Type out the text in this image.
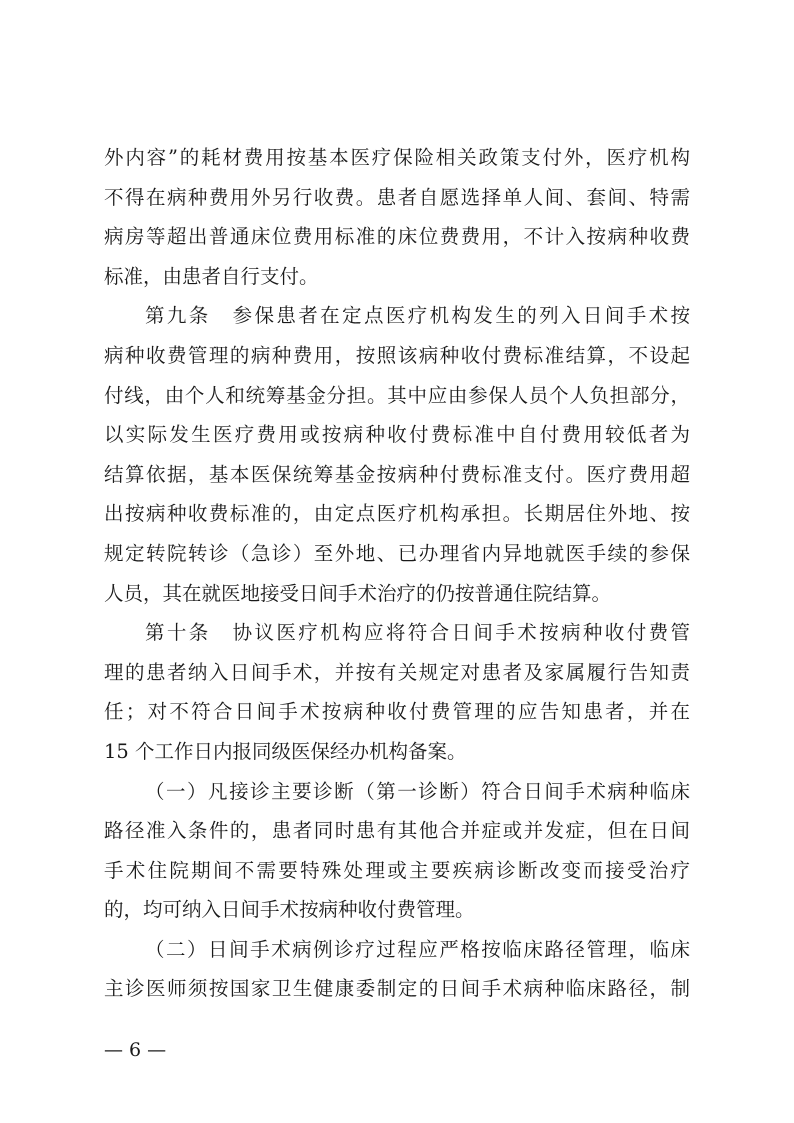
外内容”的耗材费用按基本医疗保险相关政策支付外，医疗机构
不得在病种费用外另行收费。患者自愿选择单人间、套间、特需
病房等超出普通床位费用标准的床位费费用，不计入按病种收费
标准，由患者自行支付。
第九条　参保患者在定点医疗机构发生的列入日间手术按
病种收费管理的病种费用，按照该病种收付费标准结算，不设起
付线，由个人和统筹基金分担。其中应由参保人员个人负担部分，
以实际发生医疗费用或按病种收付费标准中自付费用较低者为
结算依据，基本医保统筹基金按病种付费标准支付。医疗费用超
出按病种收费标准的，由定点医疗机构承担。长期居住外地、按
规定转院转诊（急诊）至外地、已办理省内异地就医手续的参保
人员，其在就医地接受日间手术治疗的仍按普通住院结算。
第十条　协议医疗机构应将符合日间手术按病种收付费管
理的患者纳入日间手术，并按有关规定对患者及家属履行告知责
任；对不符合日间手术按病种收付费管理的应告知患者，并在
15 个工作日内报同级医保经办机构备案。
（一）凡接诊主要诊断（第一诊断）符合日间手术病种临床
路径准入条件的，患者同时患有其他合并症或并发症，但在日间
手术住院期间不需要特殊处理或主要疾病诊断改变而接受治疗
的，均可纳入日间手术按病种收付费管理。
（二）日间手术病例诊疗过程应严格按临床路径管理，临床
主诊医师须按国家卫生健康委制定的日间手术病种临床路径，制
— 6 —
